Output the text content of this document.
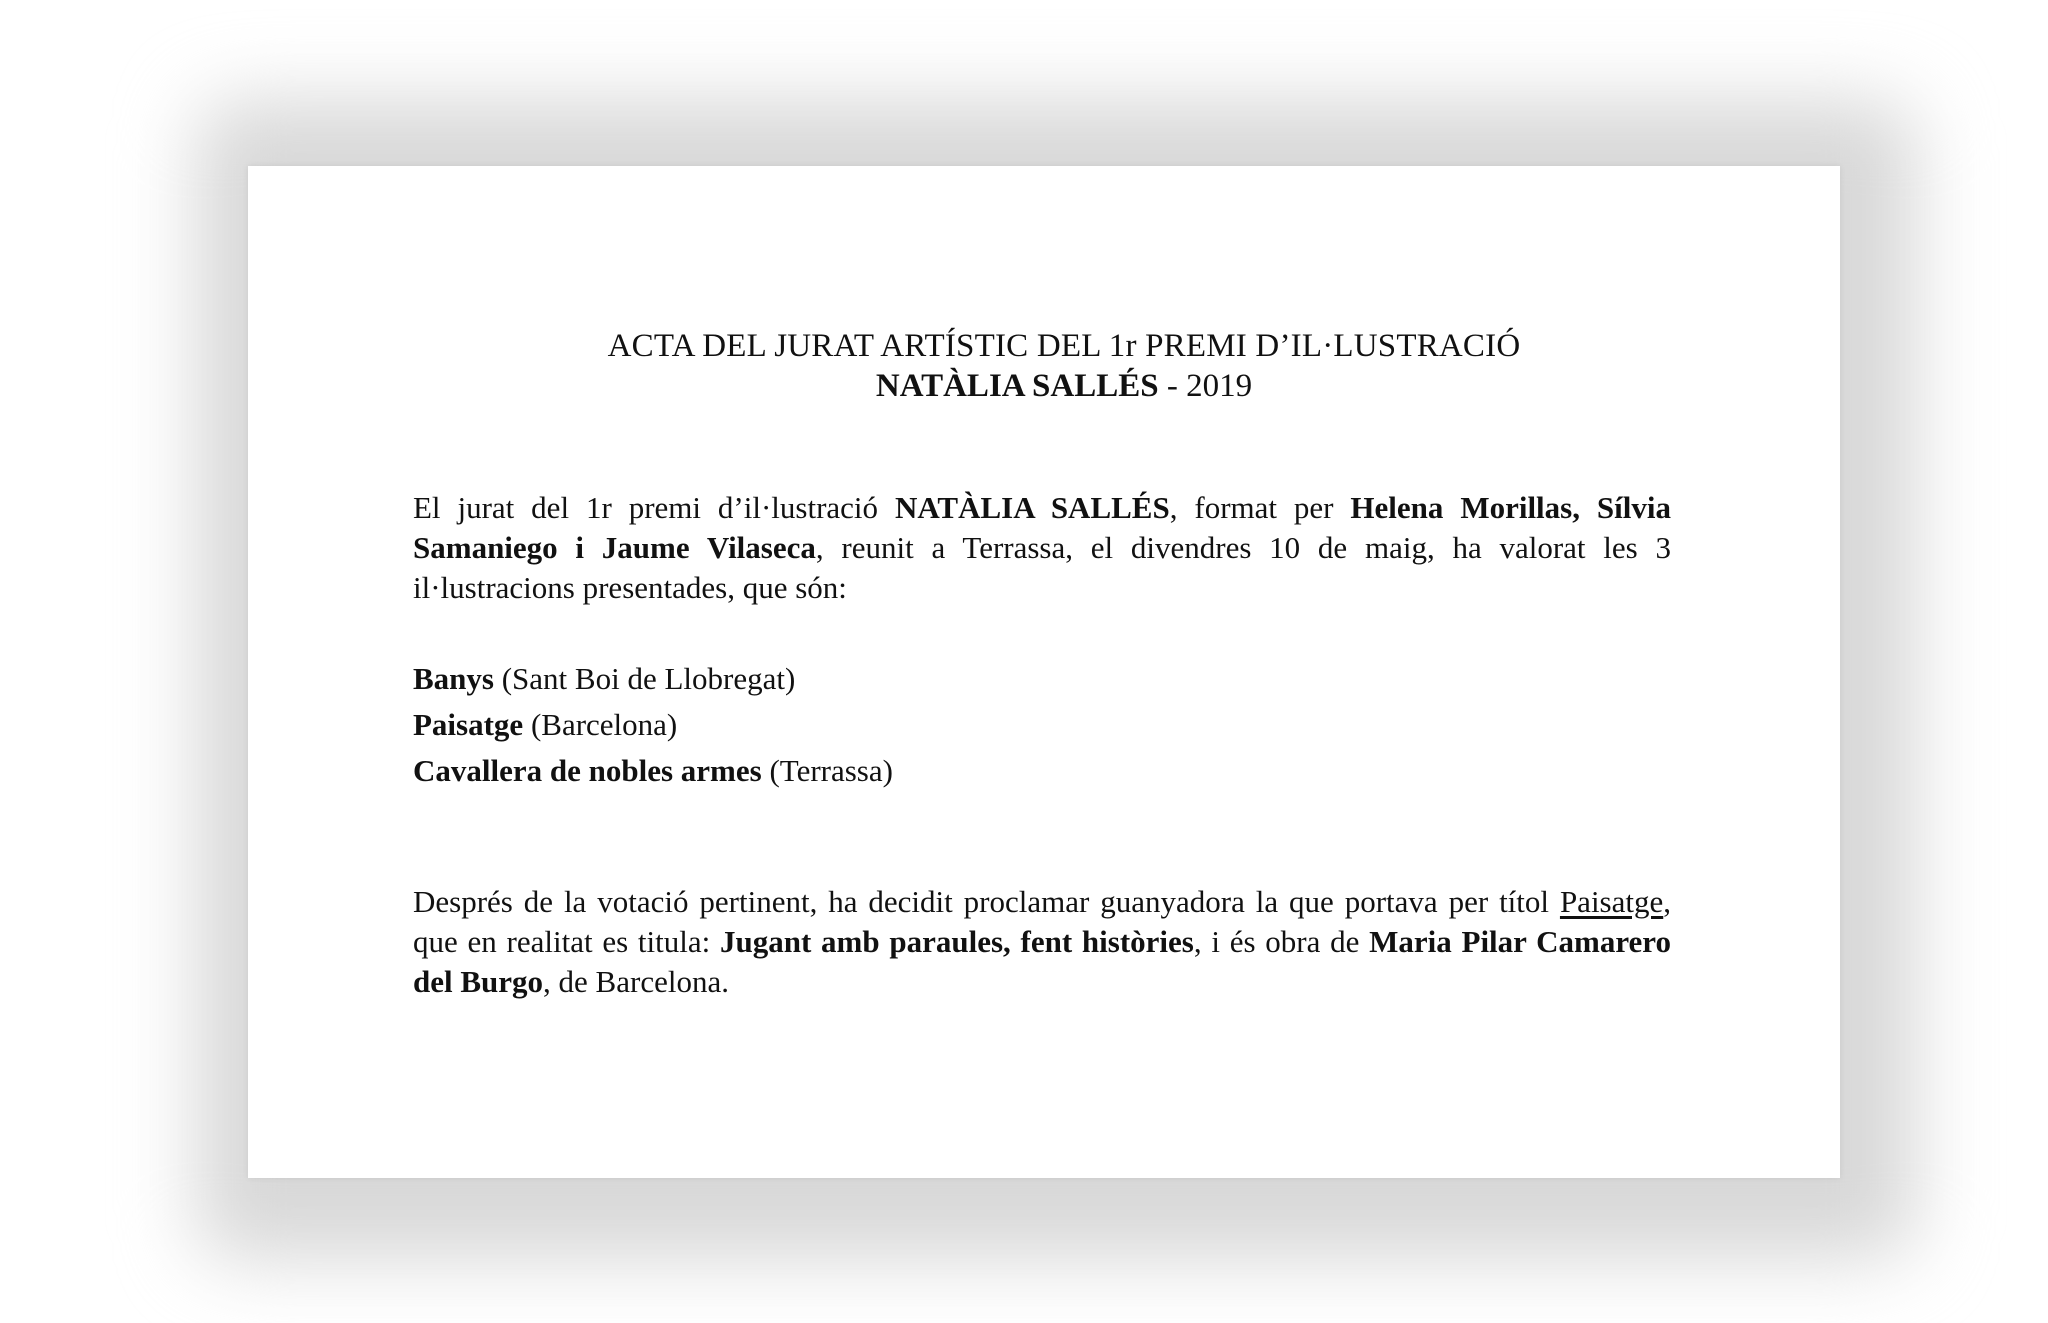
ACTA DEL JURAT ARTÍSTIC DEL 1r PREMI D’IL·LUSTRACIÓ
NATÀLIA SALLÉS - 2019

El jurat del 1r premi d’il·lustració NATÀLIA SALLÉS, format per Helena Morillas, Sílvia Samaniego i Jaume Vilaseca, reunit a Terrassa, el divendres 10 de maig, ha valorat les 3 il·lustracions presentades, que són:

Banys (Sant Boi de Llobregat)
Paisatge (Barcelona)
Cavallera de nobles armes (Terrassa)

Després de la votació pertinent, ha decidit proclamar guanyadora la que portava per títol Paisatge, que en realitat es titula: Jugant amb paraules, fent històries, i és obra de Maria Pilar Camarero del Burgo, de Barcelona.
